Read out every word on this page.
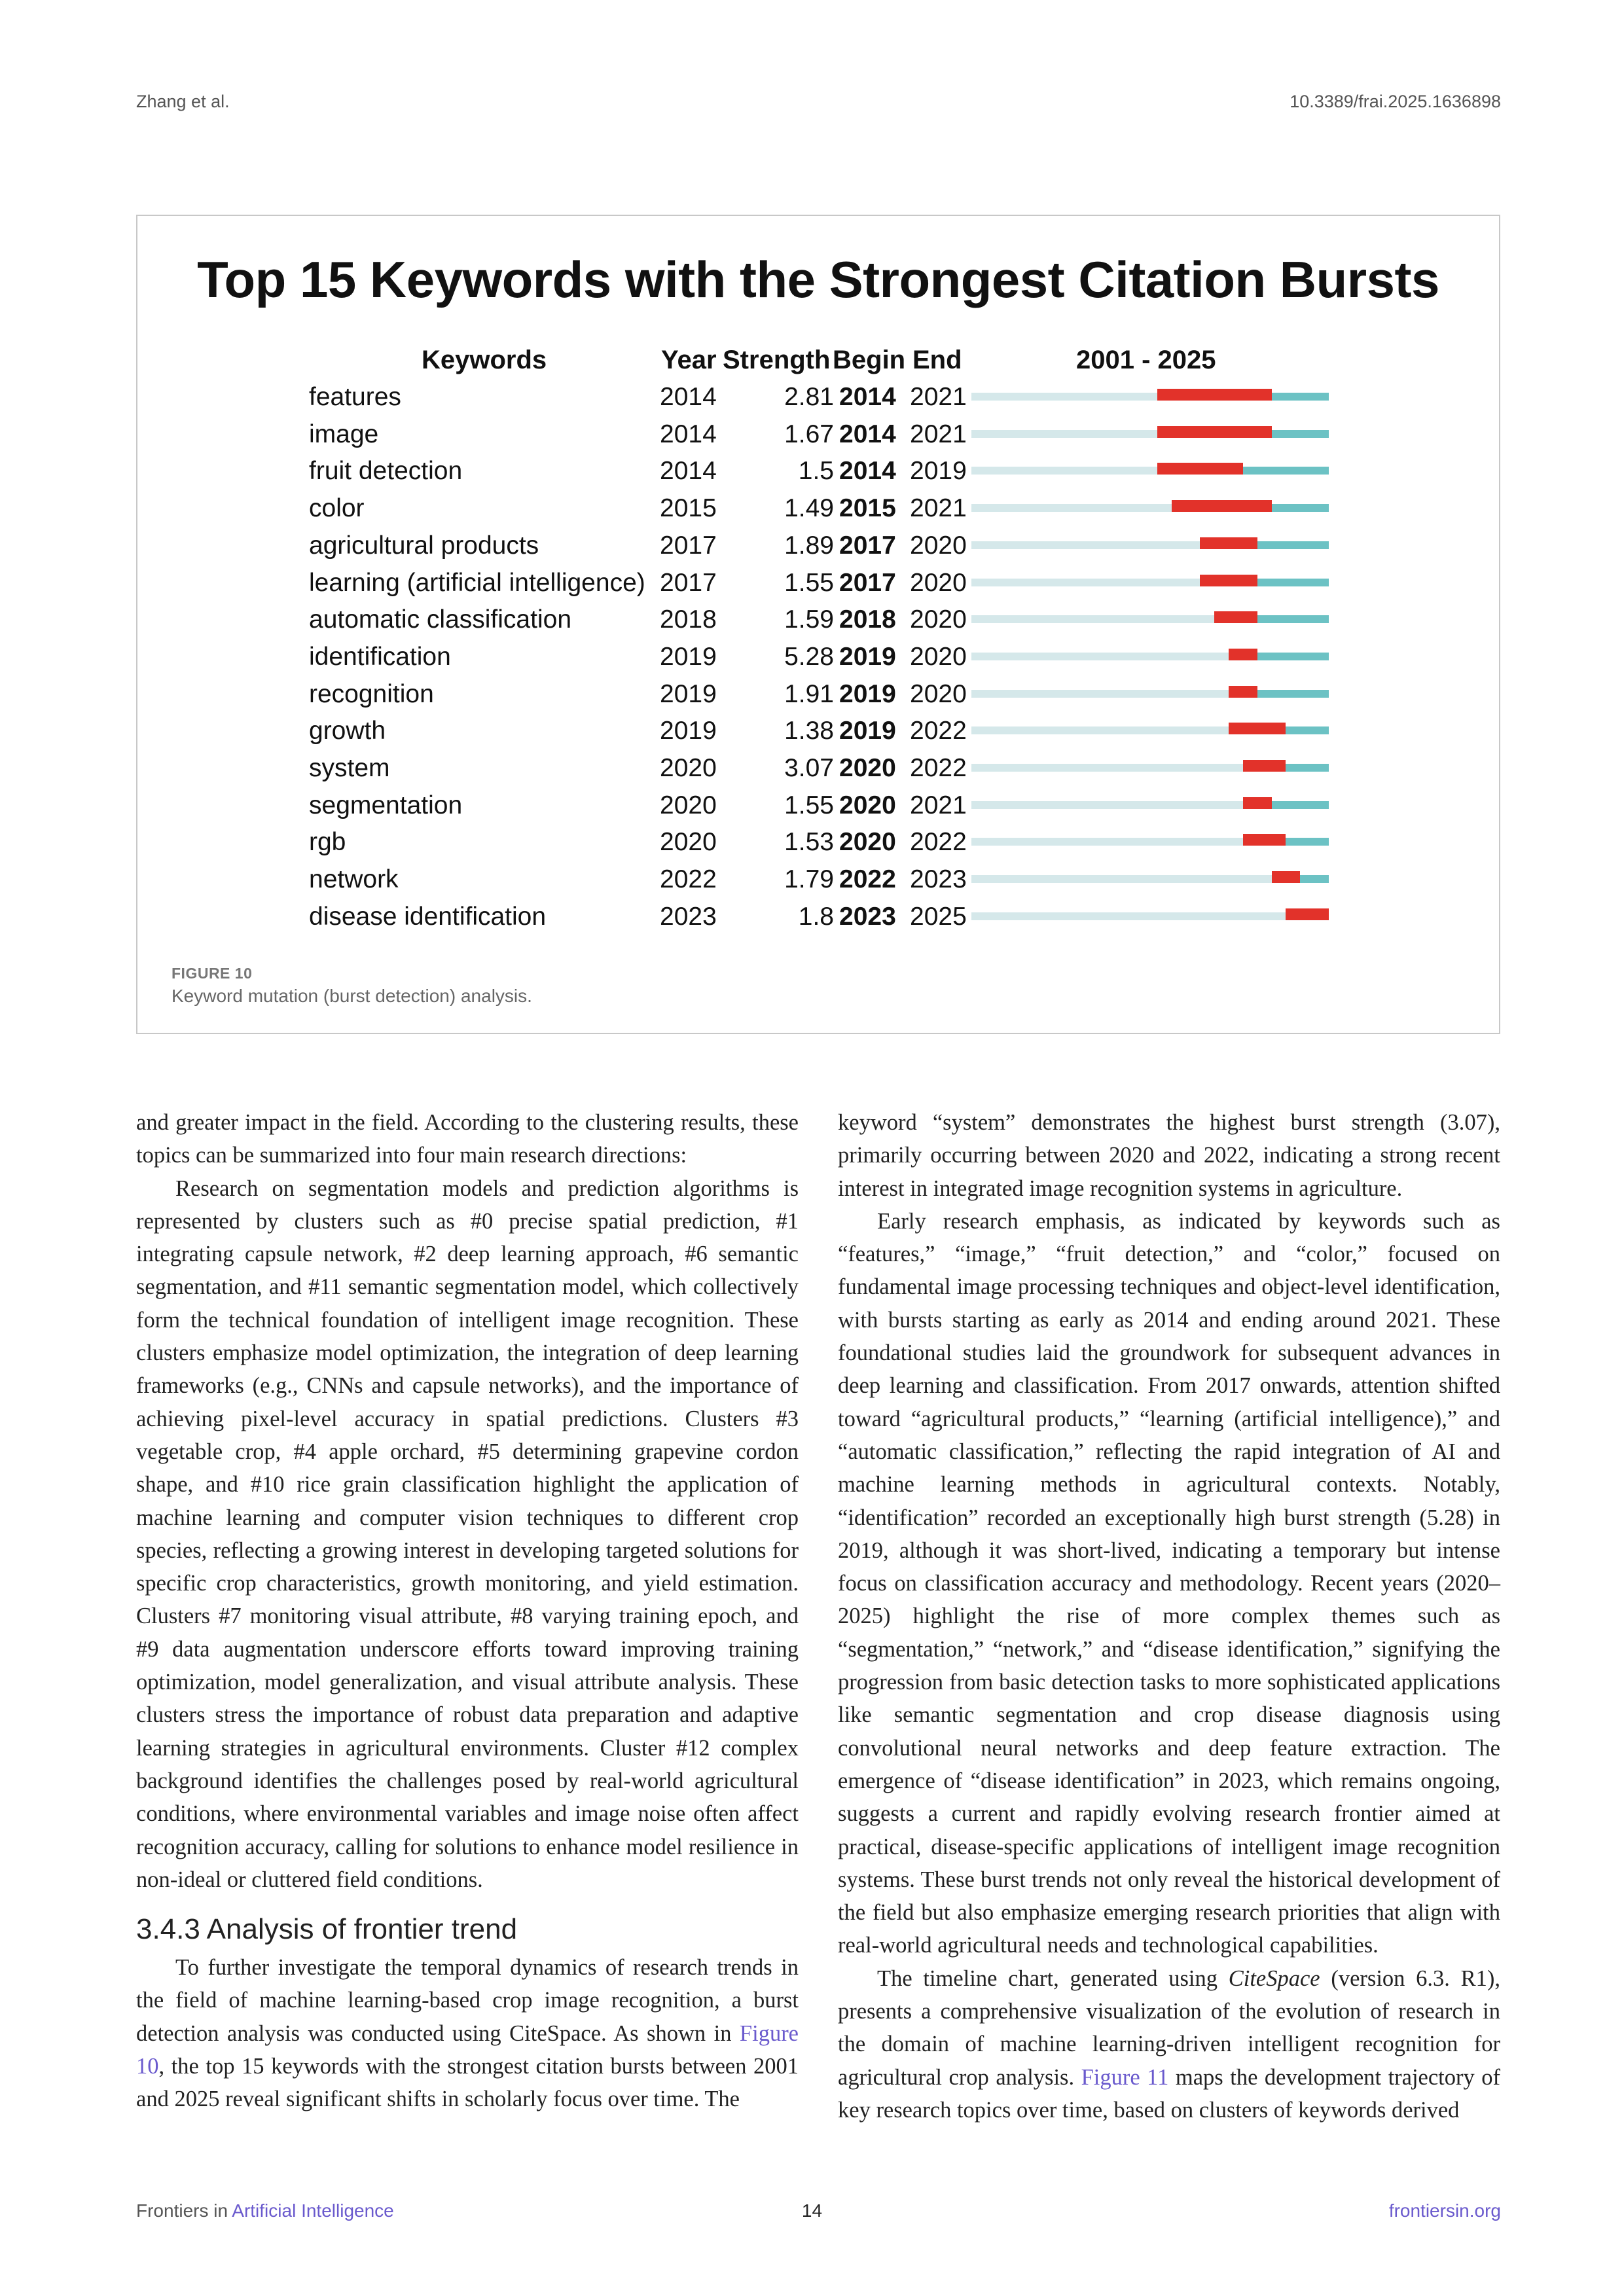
Zhang et al.	10.3389/frai.2025.1636898
Top 15 Keywords with the Strongest Citation Bursts
Keywords	Year Strength Begin End	2001 - 2025
features	2014	2.81 2014 2021
image	2014	1.67 2014 2021
fruit detection	2014	1.5 2014 2019
color	2015	1.49 2015 2021
agricultural products	2017	1.89 2017 2020
learning (artificial intelligence) 2017	1.55 2017 2020
automatic classification	2018	1.59 2018 2020
identification	2019	5.28 2019 2020
recognition	2019	1.91 2019 2020
growth	2019	1.38 2019 2022
system	2020	3.07 2020 2022
segmentation	2020	1.55 2020 2021
rgb	2020	1.53 2020 2022
network	2022	1.79 2022 2023
disease identification	2023	1.8 2023 2025
FIGURE 10
Keyword mutation (burst detection) analysis.

and greater impact in the field. According to the clustering results, these topics can be summarized into four main research directions:

Research on segmentation models and prediction algorithms is represented by clusters such as #0 precise spatial prediction, #1 integrating capsule network, #2 deep learning approach, #6 semantic segmentation, and #11 semantic segmentation model, which collectively form the technical foundation of intelligent image recognition. These clusters emphasize model optimization, the integration of deep learning frameworks (e.g., CNNs and capsule networks), and the importance of achieving pixel-level accuracy in spatial predictions. Clusters #3 vegetable crop, #4 apple orchard, #5 determining grapevine cordon shape, and #10 rice grain classification highlight the application of machine learning and computer vision techniques to different crop species, reflecting a growing interest in developing targeted solutions for specific crop characteristics, growth monitoring, and yield estimation. Clusters #7 monitoring visual attribute, #8 varying training epoch, and #9 data augmentation underscore efforts toward improving training optimization, model generalization, and visual attribute analysis. These clusters stress the importance of robust data preparation and adaptive learning strategies in agricultural environments. Cluster #12 complex background identifies the challenges posed by real-world agricultural conditions, where environmental variables and image noise often affect recognition accuracy, calling for solutions to enhance model resilience in non-ideal or cluttered field conditions.

3.4.3 Analysis of frontier trend

To further investigate the temporal dynamics of research trends in the field of machine learning-based crop image recognition, a burst detection analysis was conducted using CiteSpace. As shown in Figure 10, the top 15 keywords with the strongest citation bursts between 2001 and 2025 reveal significant shifts in scholarly focus over time. The

keyword “system” demonstrates the highest burst strength (3.07), primarily occurring between 2020 and 2022, indicating a strong recent interest in integrated image recognition systems in agriculture.

Early research emphasis, as indicated by keywords such as “features,” “image,” “fruit detection,” and “color,” focused on fundamental image processing techniques and object-level identification, with bursts starting as early as 2014 and ending around 2021. These foundational studies laid the groundwork for subsequent advances in deep learning and classification. From 2017 onwards, attention shifted toward “agricultural products,” “learning (artificial intelligence),” and “automatic classification,” reflecting the rapid integration of AI and machine learning methods in agricultural contexts. Notably, “identification” recorded an exceptionally high burst strength (5.28) in 2019, although it was short-lived, indicating a temporary but intense focus on classification accuracy and methodology. Recent years (2020–2025) highlight the rise of more complex themes such as “segmentation,” “network,” and “disease identification,” signifying the progression from basic detection tasks to more sophisticated applications like semantic segmentation and crop disease diagnosis using convolutional neural networks and deep feature extraction. The emergence of “disease identification” in 2023, which remains ongoing, suggests a current and rapidly evolving research frontier aimed at practical, disease-specific applications of intelligent image recognition systems. These burst trends not only reveal the historical development of the field but also emphasize emerging research priorities that align with real-world agricultural needs and technological capabilities.

The timeline chart, generated using CiteSpace (version 6.3. R1), presents a comprehensive visualization of the evolution of research in the domain of machine learning-driven intelligent recognition for agricultural crop analysis. Figure 11 maps the development trajectory of key research topics over time, based on clusters of keywords derived

Frontiers in Artificial Intelligence	14	frontiersin.org
